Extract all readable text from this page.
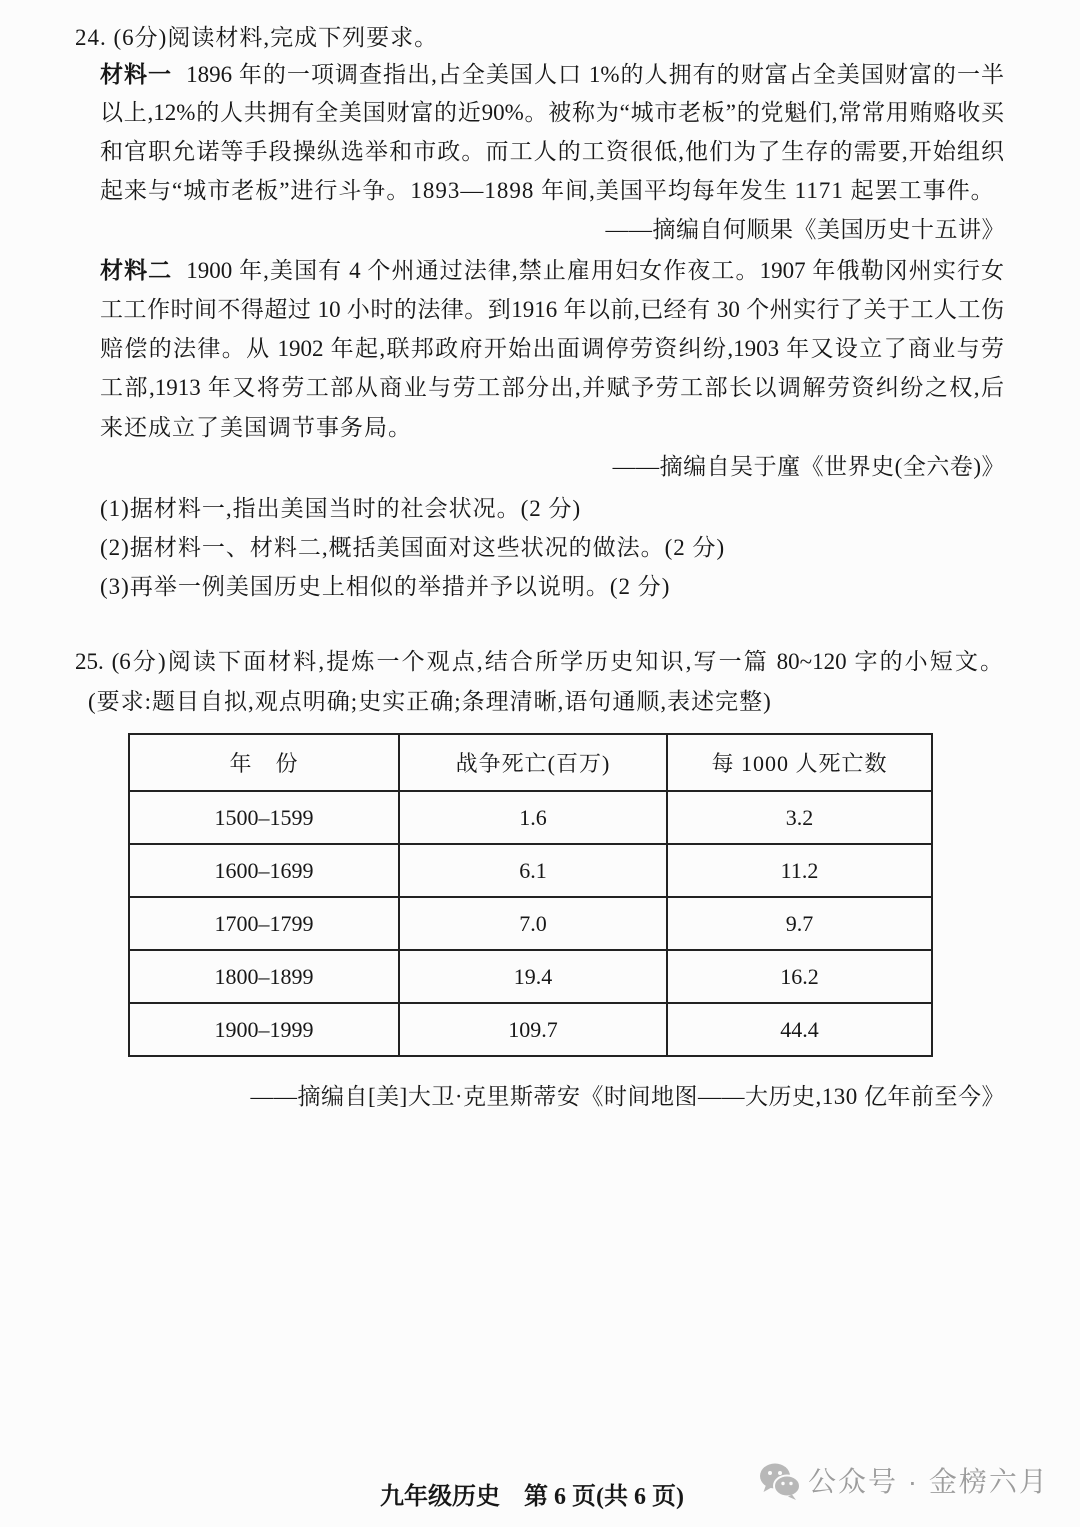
24. (6分)阅读材料,完成下列要求。
材料一 1896 年的一项调查指出,占全美国人口 1%的人拥有的财富占全美国财富的一半
以上,12%的人共拥有全美国财富的近90%。被称为“城市老板”的党魁们,常常用贿赂收买
和官职允诺等手段操纵选举和市政。而工人的工资很低,他们为了生存的需要,开始组织
起来与“城市老板”进行斗争。1893—1898 年间,美国平均每年发生 1171 起罢工事件。
——摘编自何顺果《美国历史十五讲》
材料二 1900 年,美国有 4 个州通过法律,禁止雇用妇女作夜工。1907 年俄勒冈州实行女
工工作时间不得超过 10 小时的法律。到1916 年以前,已经有 30 个州实行了关于工人工伤
赔偿的法律。从 1902 年起,联邦政府开始出面调停劳资纠纷,1903 年又设立了商业与劳
工部,1913 年又将劳工部从商业与劳工部分出,并赋予劳工部长以调解劳资纠纷之权,后
来还成立了美国调节事务局。
——摘编自吴于廑《世界史(全六卷)》
(1)据材料一,指出美国当时的社会状况。(2 分)
(2)据材料一、材料二,概括美国面对这些状况的做法。(2 分)
(3)再举一例美国历史上相似的举措并予以说明。(2 分)
25. (6分)阅读下面材料,提炼一个观点,结合所学历史知识,写一篇 80~120 字的小短文。
(要求:题目自拟,观点明确;史实正确;条理清晰,语句通顺,表述完整)
年　份	战争死亡(百万)	每 1000 人死亡数
1500–1599	1.6	3.2
1600–1699	6.1	11.2
1700–1799	7.0	9.7
1800–1899	19.4	16.2
1900–1999	109.7	44.4
——摘编自[美]大卫·克里斯蒂安《时间地图——大历史,130 亿年前至今》
九年级历史　第 6 页(共 6 页)	公众号 · 金榜六月
